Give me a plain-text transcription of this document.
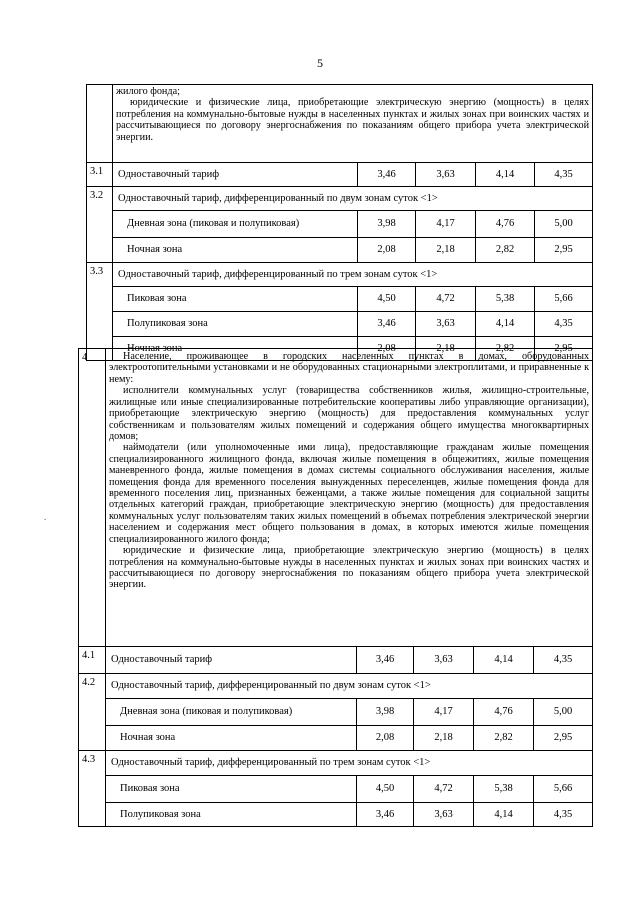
5
.

	жилого фонда;

юридические и физические лица, приобретающие электрическую энергию (мощность) в целях потребления на коммунально-бытовые нужды в населенных пунктах и жилых зонах при воинских частях и рассчитывающиеся по договору энергоснабжения по показаниям общего прибора учета электрической энергии.				

3.1	Одноставочный тариф	3,46	3,63	4,14	4,35
3.2	Одноставочный тариф, дифференцированный по двум зонам суток <1>				
	Дневная зона (пиковая и полупиковая)	3,98	4,17	4,76	5,00
	Ночная зона	2,08	2,18	2,82	2,95
3.3	Одноставочный тариф, дифференцированный по трем зонам суток <1>				
	Пиковая зона	4,50	4,72	5,38	5,66
	Полупиковая зона	3,46	3,63	4,14	4,35
	Ночная зона	2,08	2,18	2,82	2,95
4	Население, проживающее в городских населенных пунктах в домах, оборудованных электроотопительными установками и не оборудованных стационарными электроплитами, и приравненные к нему:

исполнители коммунальных услуг (товарищества собственников жилья, жилищно-строительные, жилищные или иные специализированные потребительские кооперативы либо управляющие организации), приобретающие электрическую энергию (мощность) для предоставления коммунальных услуг собственникам и пользователям жилых помещений и содержания общего имущества многоквартирных домов;

наймодатели (или уполномоченные ими лица), предоставляющие гражданам жилые помещения специализированного жилищного фонда, включая жилые помещения в общежитиях, жилые помещения маневренного фонда, жилые помещения в домах системы социального обслуживания населения, жилые помещения фонда для временного поселения вынужденных переселенцев, жилые помещения фонда для временного поселения лиц, признанных беженцами, а также жилые помещения для социальной защиты отдельных категорий граждан, приобретающие электрическую энергию (мощность) для предоставления коммунальных услуг пользователям таких жилых помещений в объемах потребления электрической энергии населением и содержания мест общего пользования в домах, в которых имеются жилые помещения специализированного жилого фонда;

юридические и физические лица, приобретающие электрическую энергию (мощность) в целях потребления на коммунально-бытовые нужды в населенных пунктах и жилых зонах при воинских частях и рассчитывающиеся по договору энергоснабжения по показаниям общего прибора учета электрической энергии.				

4.1	Одноставочный тариф	3,46	3,63	4,14	4,35
4.2	Одноставочный тариф, дифференцированный по двум зонам суток <1>				
	Дневная зона (пиковая и полупиковая)	3,98	4,17	4,76	5,00
	Ночная зона	2,08	2,18	2,82	2,95
4.3	Одноставочный тариф, дифференцированный по трем зонам суток <1>				
	Пиковая зона	4,50	4,72	5,38	5,66
	Полупиковая зона	3,46	3,63	4,14	4,35
